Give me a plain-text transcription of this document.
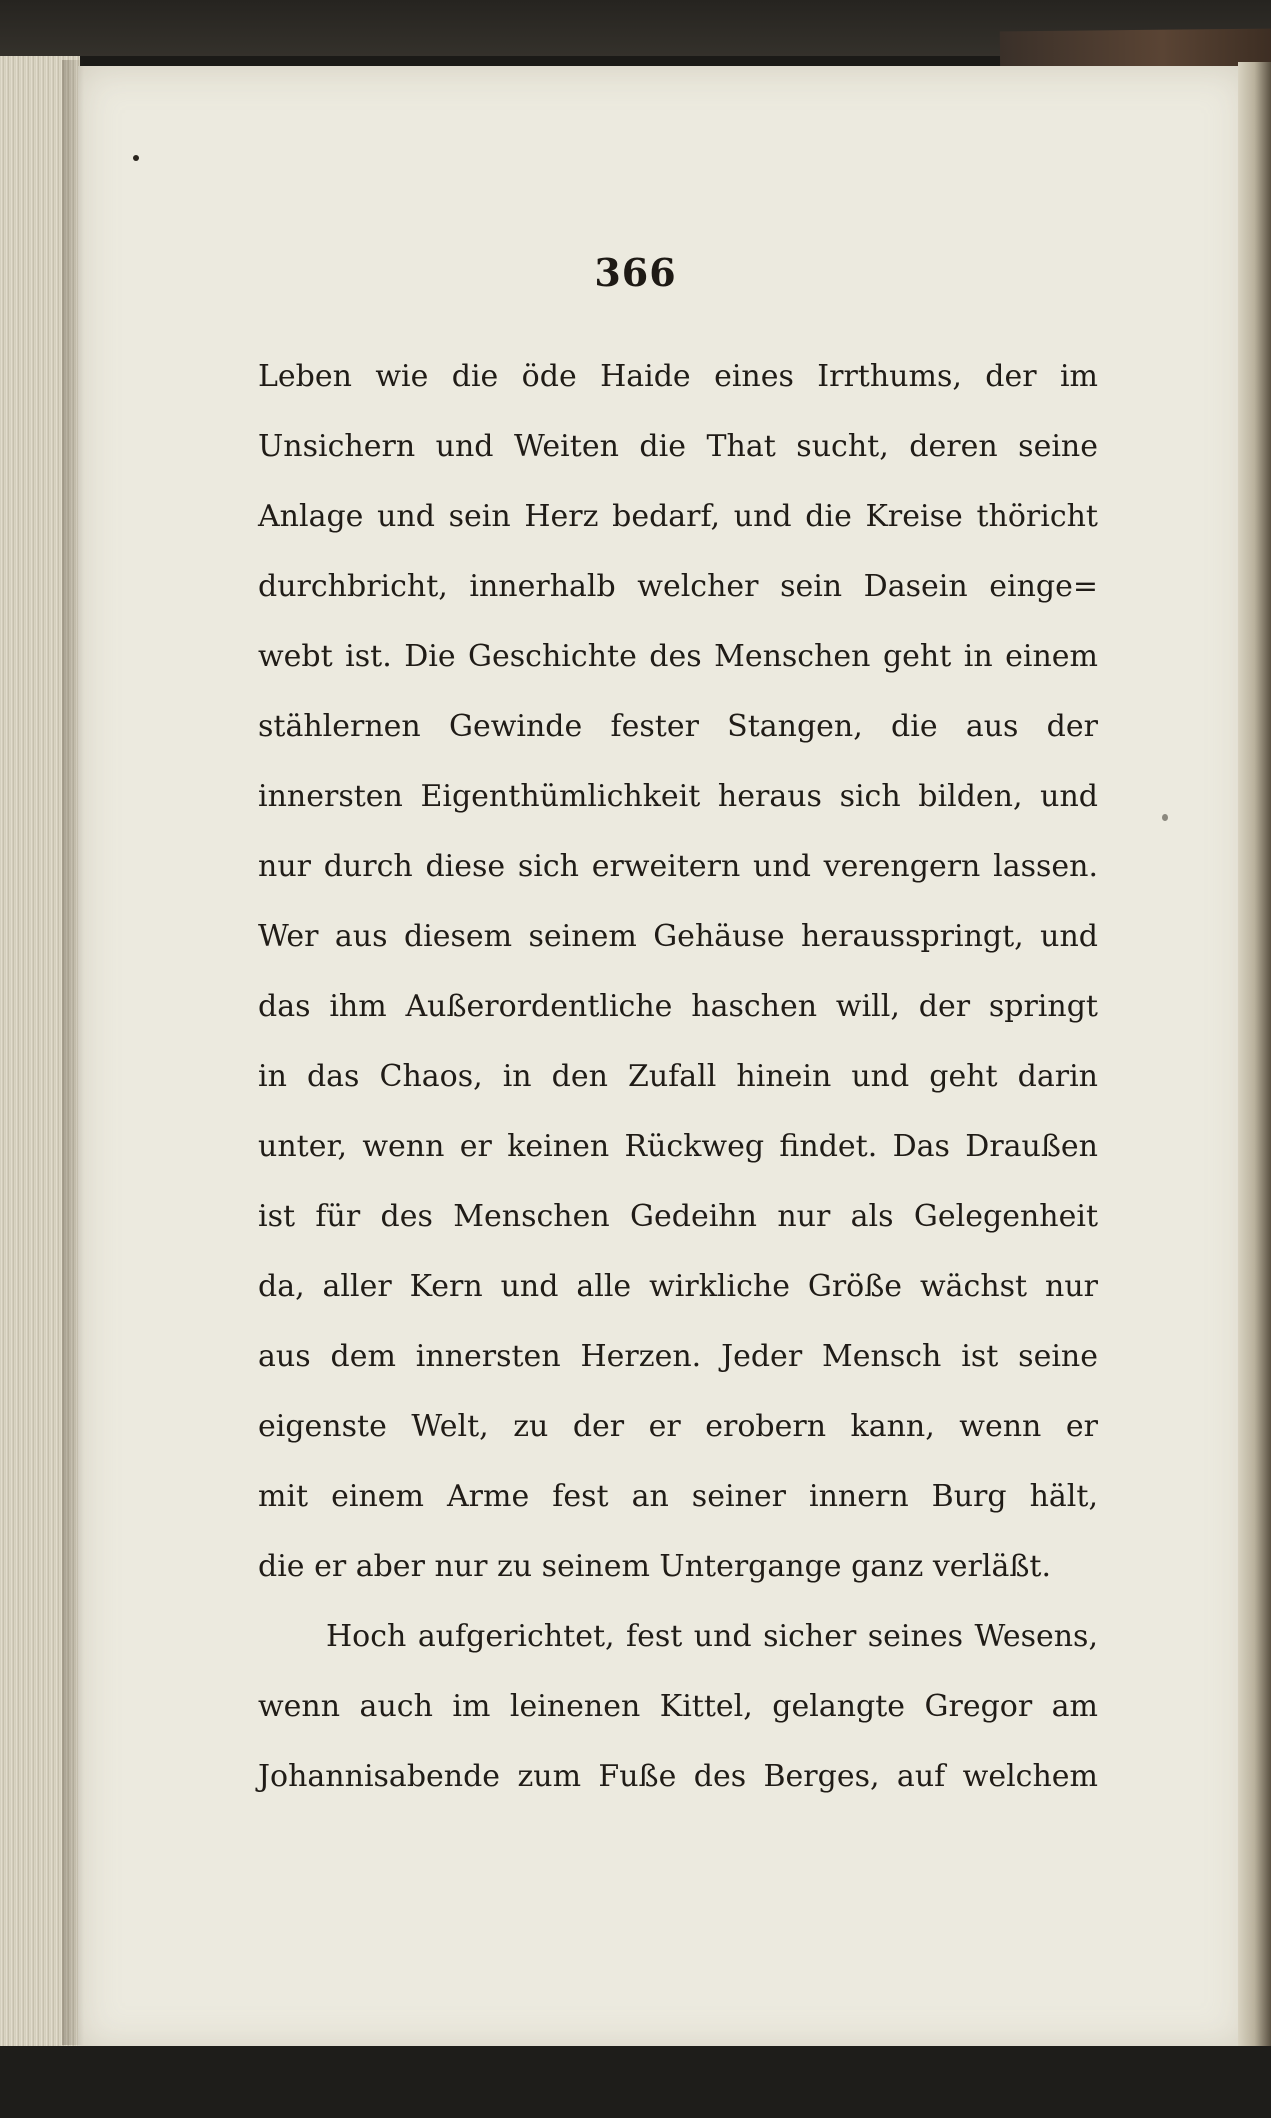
366
Leben wie die öde Haide eines Irrthums, der im
Unsichern und Weiten die That sucht, deren seine
Anlage und sein Herz bedarf, und die Kreise thöricht
durchbricht, innerhalb welcher sein Dasein einge=
webt ist. Die Geschichte des Menschen geht in einem
stählernen Gewinde fester Stangen, die aus der
innersten Eigenthümlichkeit heraus sich bilden, und
nur durch diese sich erweitern und verengern lassen.
Wer aus diesem seinem Gehäuse herausspringt, und
das ihm Außerordentliche haschen will, der springt
in das Chaos, in den Zufall hinein und geht darin
unter, wenn er keinen Rückweg findet. Das Draußen
ist für des Menschen Gedeihn nur als Gelegenheit
da, aller Kern und alle wirkliche Größe wächst nur
aus dem innersten Herzen. Jeder Mensch ist seine
eigenste Welt, zu der er erobern kann, wenn er
mit einem Arme fest an seiner innern Burg hält,
die er aber nur zu seinem Untergange ganz verläßt.
Hoch aufgerichtet, fest und sicher seines Wesens,
wenn auch im leinenen Kittel, gelangte Gregor am
Johannisabende zum Fuße des Berges, auf welchem
